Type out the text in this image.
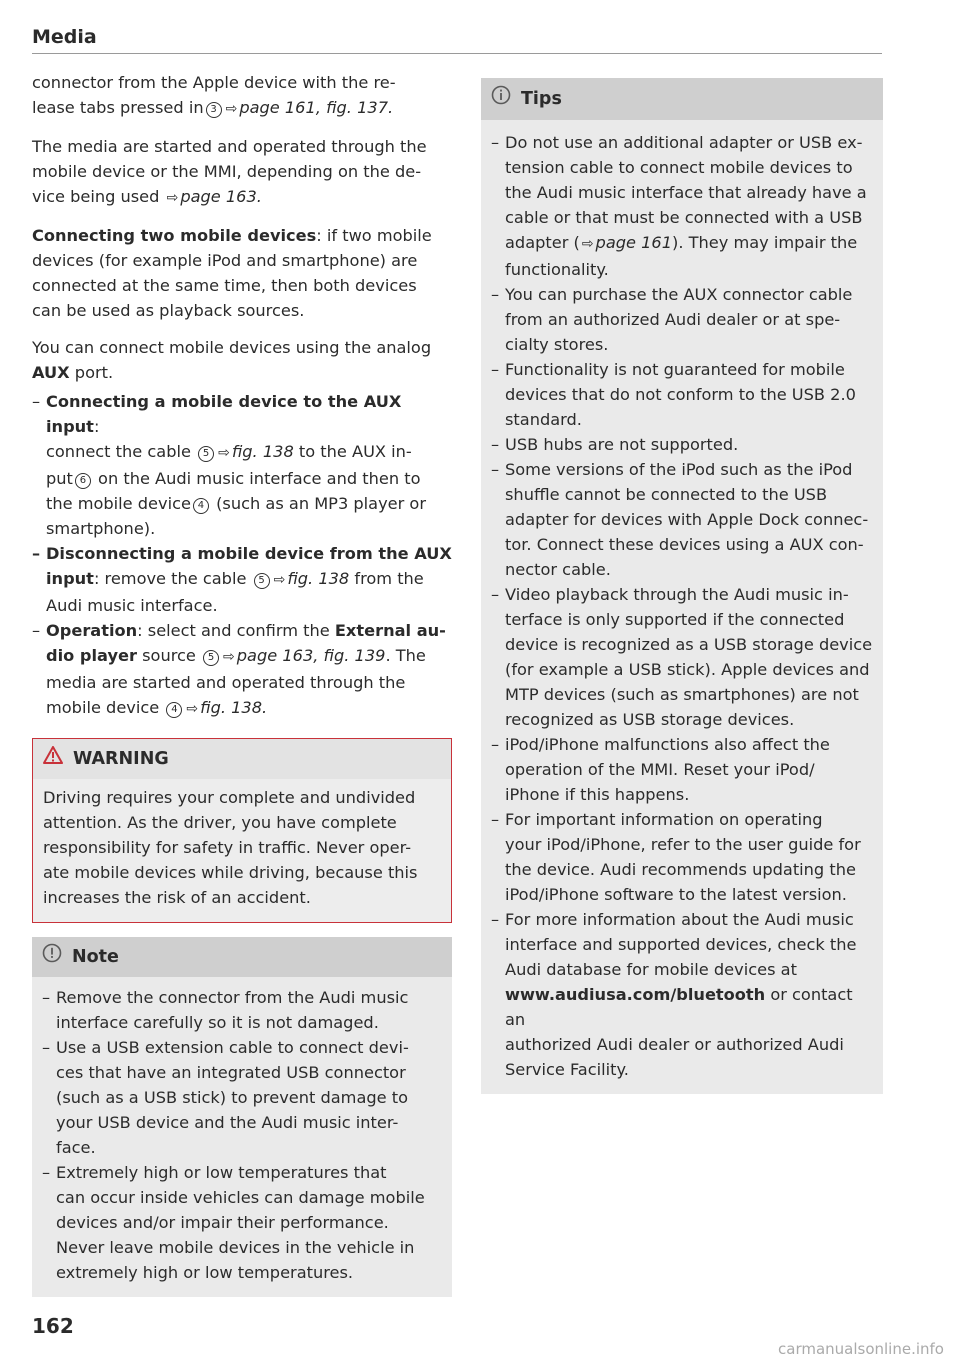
Media

connector from the Apple device with the re-
lease tabs pressed in 3 ⇨ page 161, fig. 137.

The media are started and operated through the
mobile device or the MMI, depending on the de-
vice being used ⇨ page 163.

Connecting two mobile devices: if two mobile
devices (for example iPod and smartphone) are
connected at the same time, then both devices
can be used as playback sources.

You can connect mobile devices using the analog
AUX port.

– Connecting a mobile device to the AUX input:
connect the cable 5 ⇨ fig. 138 to the AUX in-
put 6 on the Audi music interface and then to
the mobile device 4 (such as an MP3 player or
smartphone).
– Disconnecting a mobile device from the AUX
input: remove the cable 5 ⇨ fig. 138 from the
Audi music interface.
– Operation: select and confirm the External au-
dio player source 5 ⇨ page 163, fig. 139. The
media are started and operated through the
mobile device 4 ⇨ fig. 138.
WARNING
Driving requires your complete and undivided
attention. As the driver, you have complete
responsibility for safety in traffic. Never oper-
ate mobile devices while driving, because this
increases the risk of an accident.
Note
– Remove the connector from the Audi music
interface carefully so it is not damaged.
– Use a USB extension cable to connect devi-
ces that have an integrated USB connector
(such as a USB stick) to prevent damage to
your USB device and the Audi music inter-
face.
– Extremely high or low temperatures that
can occur inside vehicles can damage mobile
devices and/or impair their performance.
Never leave mobile devices in the vehicle in
extremely high or low temperatures.
Tips
– Do not use an additional adapter or USB ex-
tension cable to connect mobile devices to
the Audi music interface that already have a
cable or that must be connected with a USB
adapter ( ⇨ page 161). They may impair the
functionality.
– You can purchase the AUX connector cable
from an authorized Audi dealer or at spe-
cialty stores.
– Functionality is not guaranteed for mobile
devices that do not conform to the USB 2.0
standard.
– USB hubs are not supported.
– Some versions of the iPod such as the iPod
shuffle cannot be connected to the USB
adapter for devices with Apple Dock connec-
tor. Connect these devices using a AUX con-
nector cable.
– Video playback through the Audi music in-
terface is only supported if the connected
device is recognized as a USB storage device
(for example a USB stick). Apple devices and
MTP devices (such as smartphones) are not
recognized as USB storage devices.
– iPod/iPhone malfunctions also affect the
operation of the MMI. Reset your iPod/
iPhone if this happens.
– For important information on operating
your iPod/iPhone, refer to the user guide for
the device. Audi recommends updating the
iPod/iPhone software to the latest version.
– For more information about the Audi music
interface and supported devices, check the
Audi database for mobile devices at
www.audiusa.com/bluetooth or contact an
authorized Audi dealer or authorized Audi
Service Facility.
162
carmanualsonline.info
